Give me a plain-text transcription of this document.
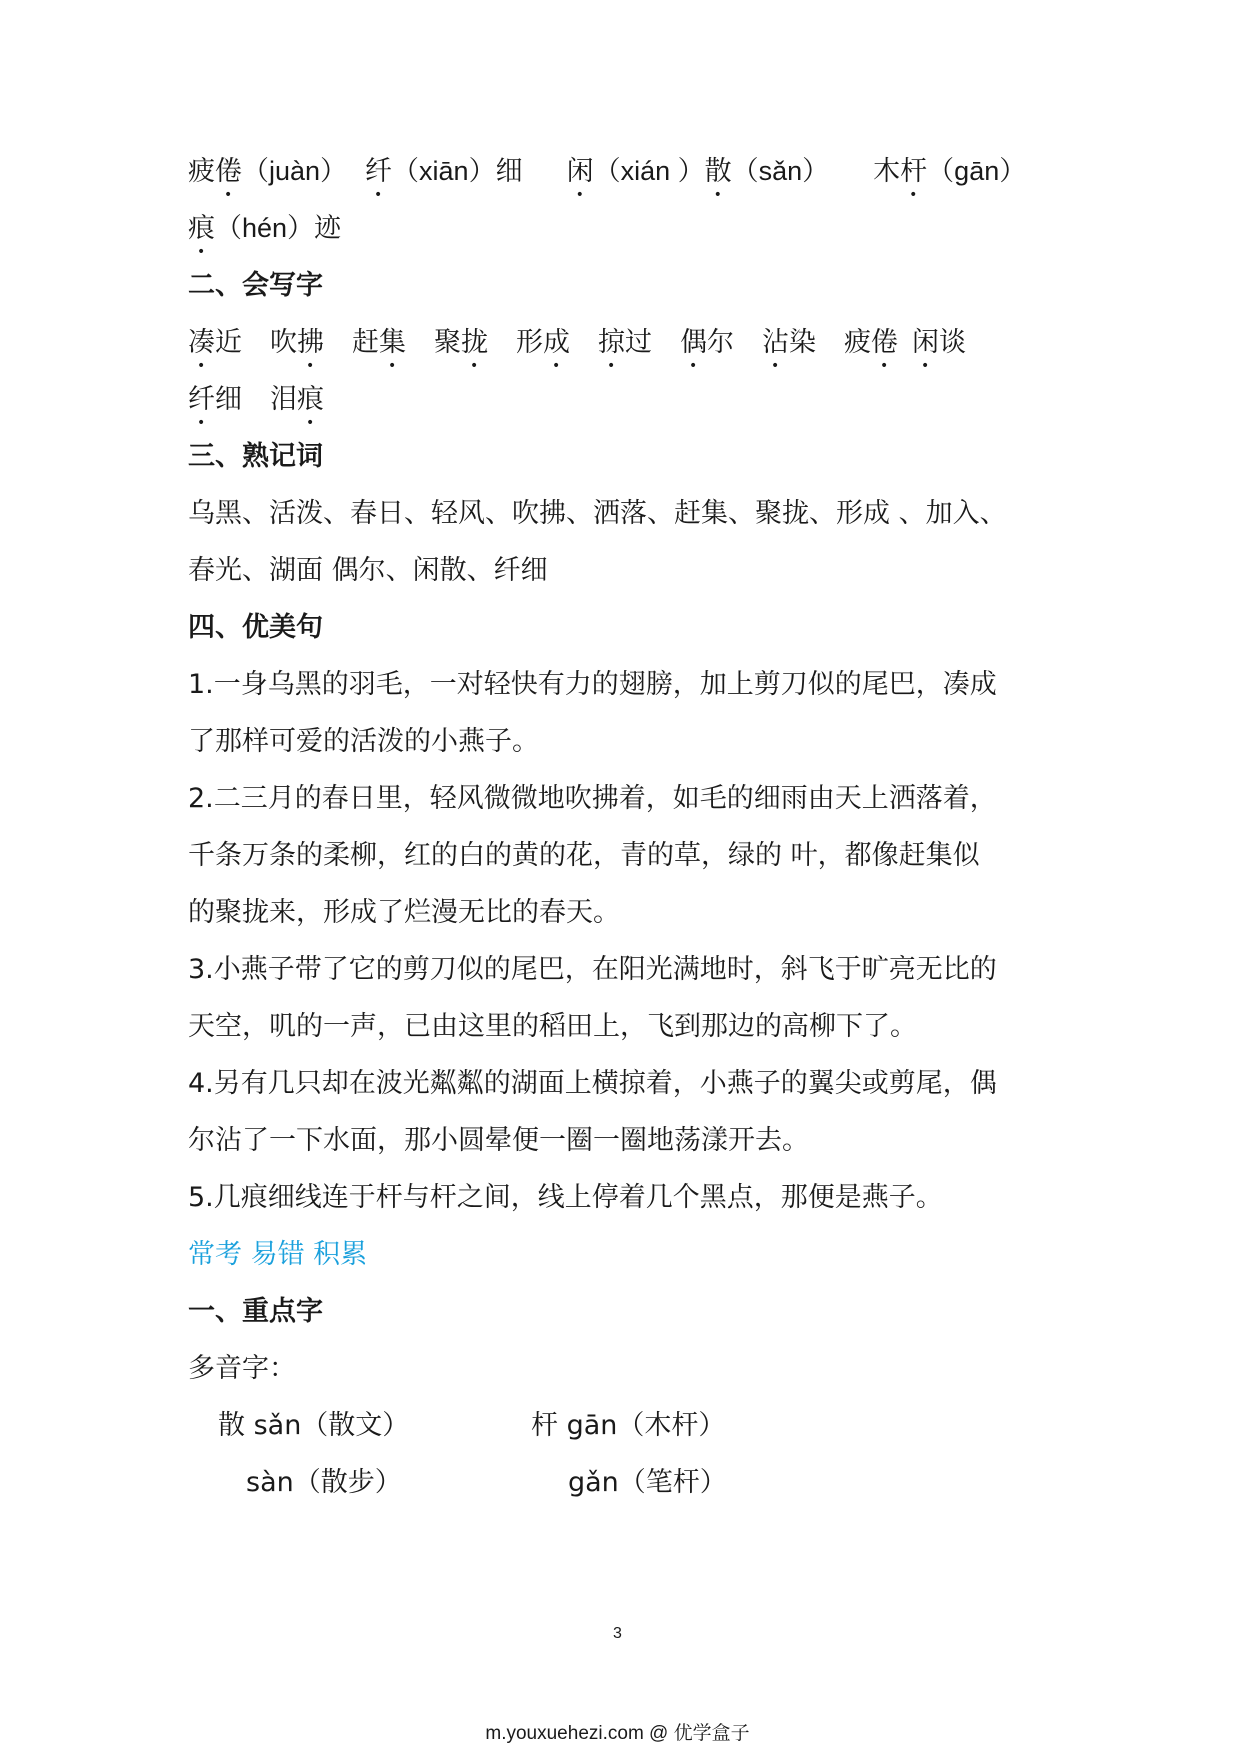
疲倦（juàn） 纤（xiān）细 闲（xián ）散（sǎn） 木杆（gān）
痕（hén）迹
二、会写字
凑近 吹拂 赶集 聚拢 形成 掠过 偶尔 沾染 疲倦 闲谈
纤细 泪痕
三、熟记词
乌黑、活泼、春日、轻风、吹拂、洒落、赶集、聚拢、形成 、加入、
春光、湖面 偶尔、闲散、纤细
四、优美句
1.一身乌黑的羽毛，一对轻快有力的翅膀，加上剪刀似的尾巴，凑成
了那样可爱的活泼的小燕子。
2.二三月的春日里，轻风微微地吹拂着，如毛的细雨由天上洒落着，
千条万条的柔柳，红的白的黄的花，青的草，绿的 叶，都像赶集似
的聚拢来，形成了烂漫无比的春天。
3.小燕子带了它的剪刀似的尾巴，在阳光满地时，斜飞于旷亮无比的
天空，叽的一声，已由这里的稻田上，飞到那边的高柳下了。
4.另有几只却在波光粼粼的湖面上横掠着，小燕子的翼尖或剪尾，偶
尔沾了一下水面，那小圆晕便一圈一圈地荡漾开去。
5.几痕细线连于杆与杆之间，线上停着几个黑点，那便是燕子。
常考 易错 积累
一、重点字
多音字：
散 sǎn（散文）	杆 gān（木杆）
sàn（散步）	gǎn（笔杆）
3
m.youxuehezi.com @ 优学盒子
